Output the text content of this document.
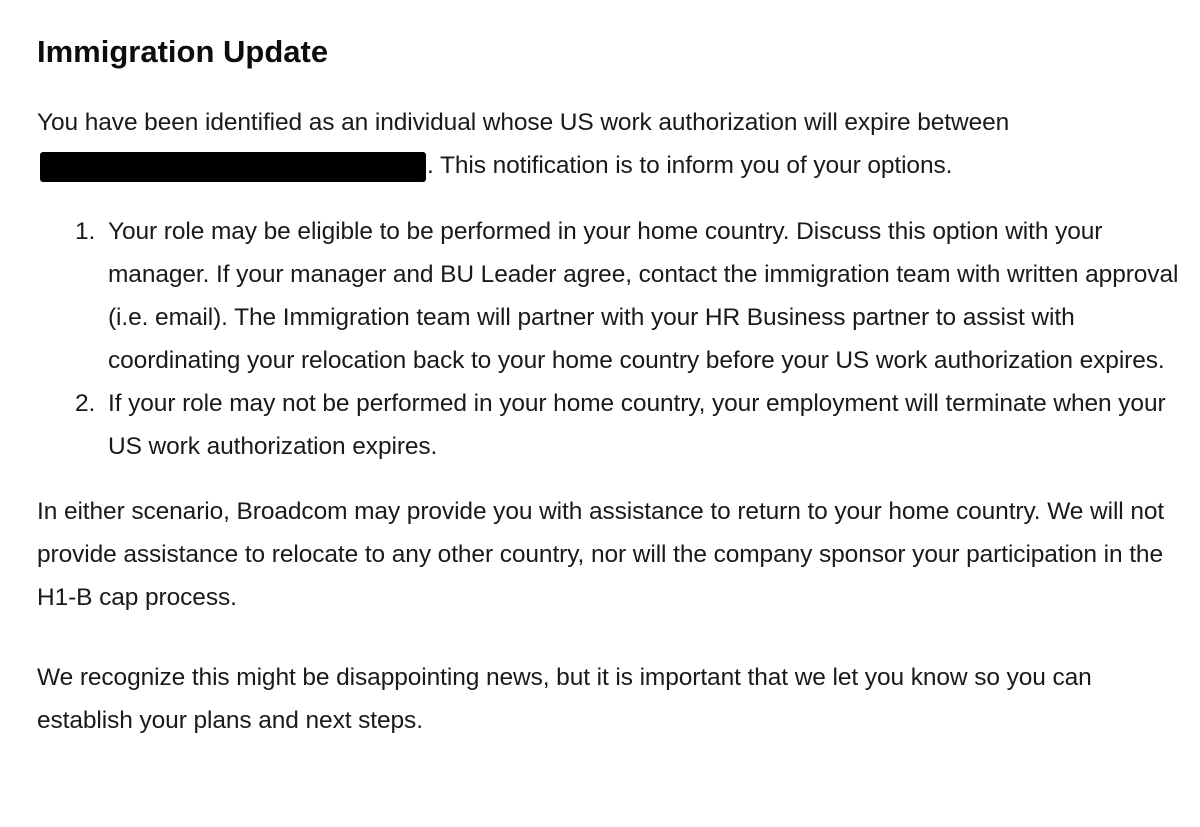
Immigration Update

You have been identified as an individual whose US work authorization will expire between. This notification is to inform you of your options.

1. Your role may be eligible to be performed in your home country. Discuss this option with your manager. If your manager and BU Leader agree, contact the immigration team with written approval (i.e. email). The Immigration team will partner with your HR Business partner to assist with coordinating your relocation back to your home country before your US work authorization expires.
2. If your role may not be performed in your home country, your employment will terminate when your US work authorization expires.

In either scenario, Broadcom may provide you with assistance to return to your home country. We will not provide assistance to relocate to any other country, nor will the company sponsor your participation in the H1-B cap process.

We recognize this might be disappointing news, but it is important that we let you know so you can establish your plans and next steps.
